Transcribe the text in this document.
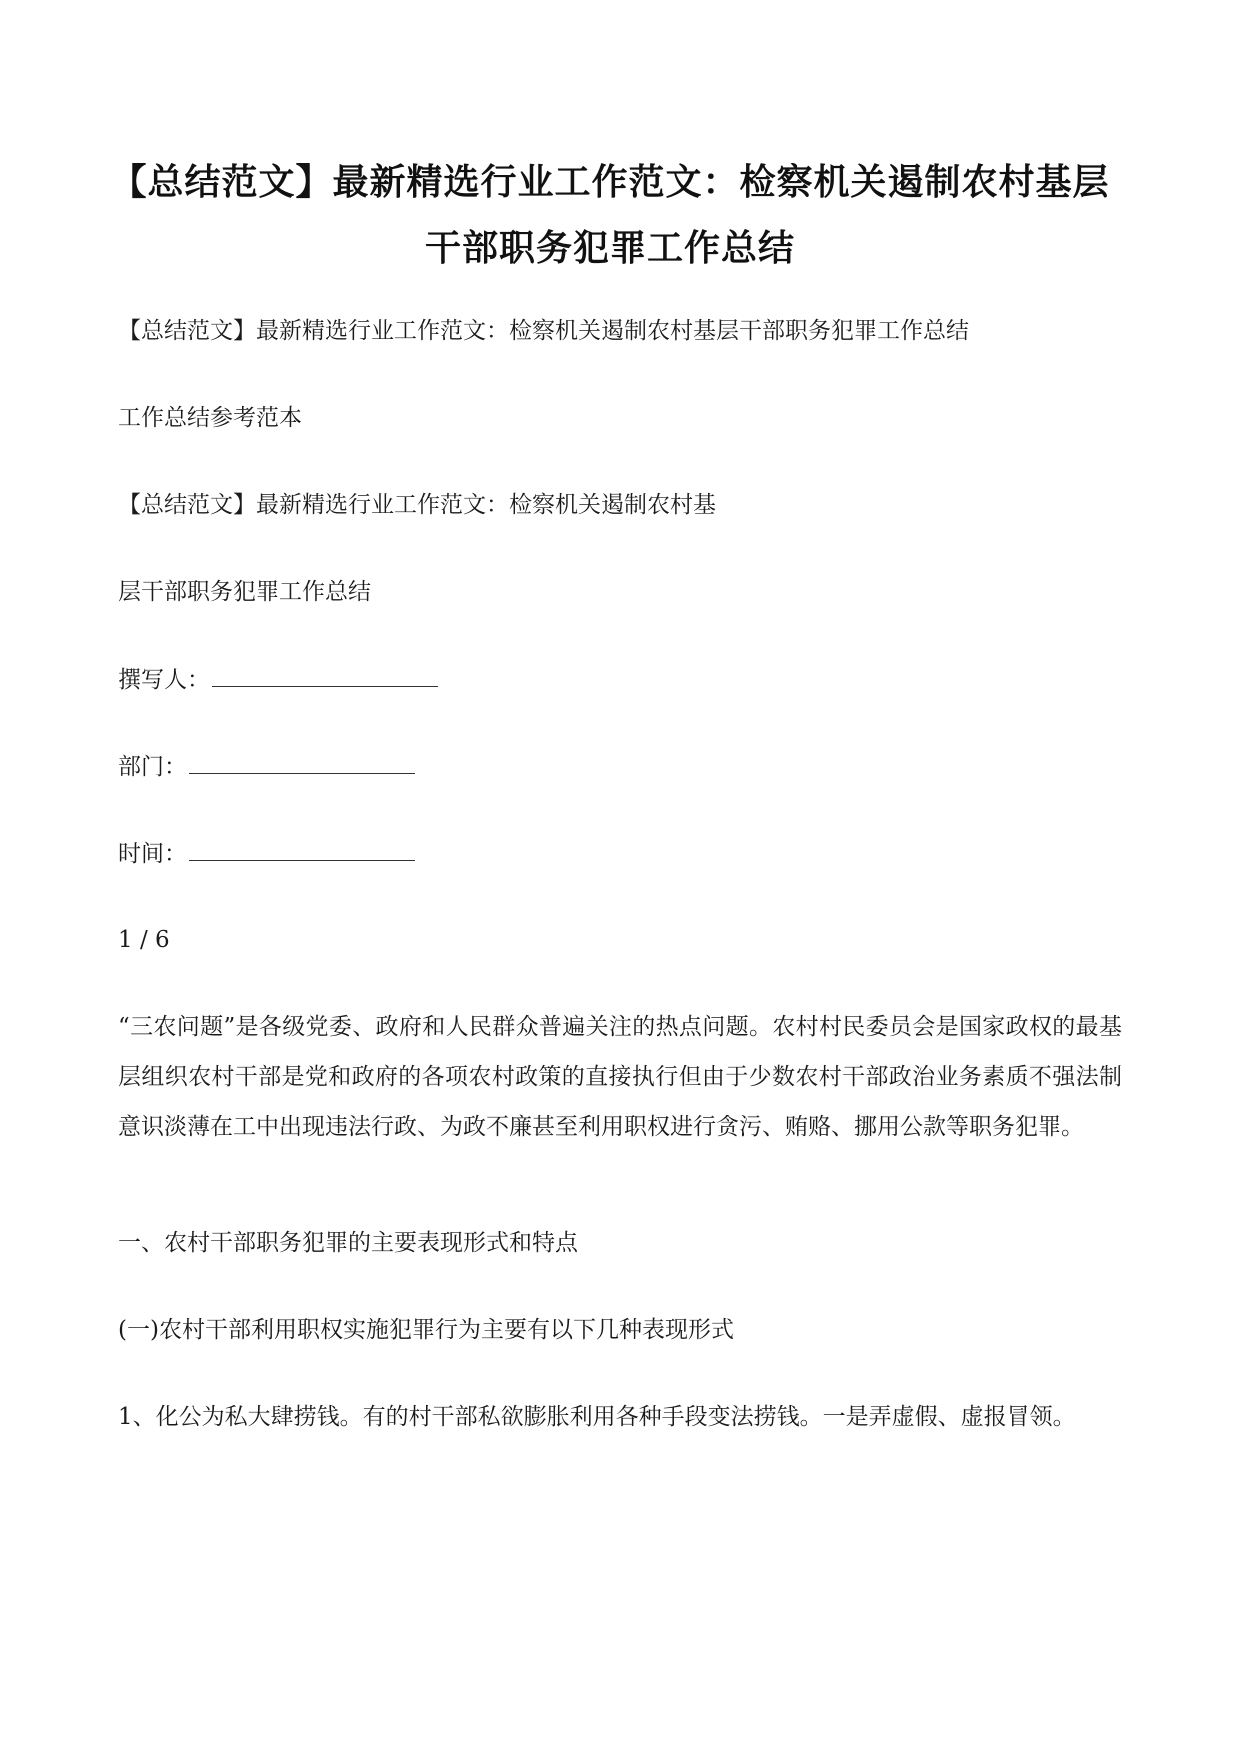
【总结范文】最新精选行业工作范文：检察机关遏制农村基层
干部职务犯罪工作总结

【总结范文】最新精选行业工作范文：检察机关遏制农村基层干部职务犯罪工作总结

工作总结参考范本

【总结范文】最新精选行业工作范文：检察机关遏制农村基

层干部职务犯罪工作总结

撰写人：

部门：

时间：

1 / 6

“三农问题”是各级党委、政府和人民群众普遍关注的热点问题。农村村民委员会是国家政权的最基层组织农村干部是党和政府的各项农村政策的直接执行但由于少数农村干部政治业务素质不强法制意识淡薄在工中出现违法行政、为政不廉甚至利用职权进行贪污、贿赂、挪用公款等职务犯罪。

一、农村干部职务犯罪的主要表现形式和特点

(一)农村干部利用职权实施犯罪行为主要有以下几种表现形式

1、化公为私大肆捞钱。有的村干部私欲膨胀利用各种手段变法捞钱。一是弄虚假、虚报冒领。
